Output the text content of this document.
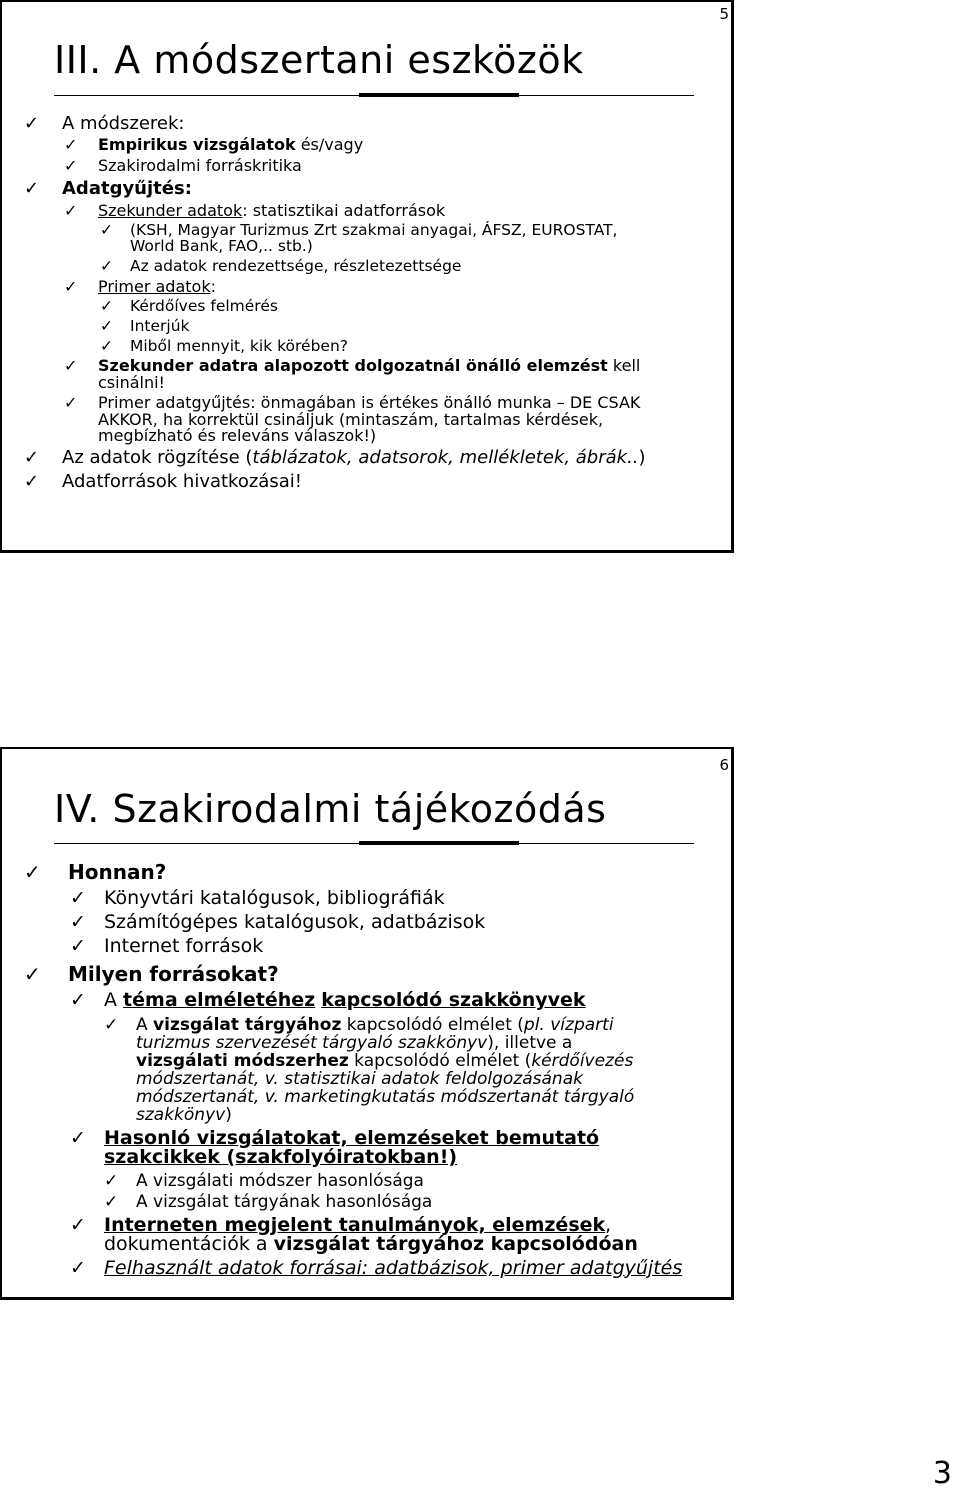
5
III. A módszertani eszközök
✓ A módszerek:
✓ Empirikus vizsgálatok és/vagy
✓ Szakirodalmi forráskritika
✓ Adatgyűjtés:
✓ Szekunder adatok: statisztikai adatforrások
✓ (KSH, Magyar Turizmus Zrt szakmai anyagai, ÁFSZ, EUROSTAT,
World Bank, FAO,.. stb.)
✓ Az adatok rendezettsége, részletezettsége
✓ Primer adatok:
✓ Kérdőíves felmérés
✓ Interjúk
✓ Miből mennyit, kik körében?
✓ Szekunder adatra alapozott dolgozatnál önálló elemzést kell
csinálni!
✓ Primer adatgyűjtés: önmagában is értékes önálló munka – DE CSAK
AKKOR, ha korrektül csináljuk (mintaszám, tartalmas kérdések,
megbízható és releváns válaszok!)
✓ Az adatok rögzítése (táblázatok, adatsorok, mellékletek, ábrák..)
✓ Adatforrások hivatkozásai!
6
IV. Szakirodalmi tájékozódás
✓ Honnan?
✓ Könyvtári katalógusok, bibliográfiák
✓ Számítógépes katalógusok, adatbázisok
✓ Internet források
✓ Milyen forrásokat?
✓ A téma elméletéhez kapcsolódó szakkönyvek
✓ A vizsgálat tárgyához kapcsolódó elmélet (pl. vízparti
turizmus szervezését tárgyaló szakkönyv), illetve a
vizsgálati módszerhez kapcsolódó elmélet (kérdőívezés
módszertanát, v. statisztikai adatok feldolgozásának
módszertanát, v. marketingkutatás módszertanát tárgyaló
szakkönyv)
✓ Hasonló vizsgálatokat, elemzéseket bemutató
szakcikkek (szakfolyóiratokban!)
✓ A vizsgálati módszer hasonlósága
✓ A vizsgálat tárgyának hasonlósága
✓ Interneten megjelent tanulmányok, elemzések,
dokumentációk a vizsgálat tárgyához kapcsolódóan
✓ Felhasznált adatok forrásai: adatbázisok, primer adatgyűjtés
3
